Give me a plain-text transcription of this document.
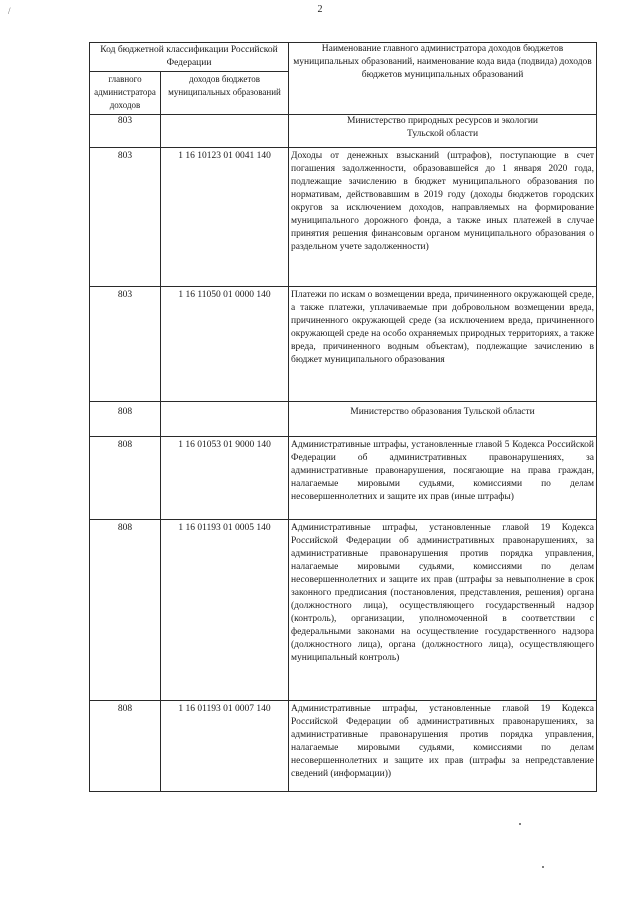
/	2
Код бюджетной классификации Российской Федерации		Наименование главного администратора доходов бюджетов муниципальных образований, наименование кода вида (подвида) доходов бюджетов муниципальных образований
главного администратора доходов	доходов бюджетов муниципальных образований	
803		Министерство природных ресурсов и экологии Тульской области
803	1 16 10123 01 0041 140	Доходы от денежных взысканий (штрафов), поступающие в счет погашения задолженности, образовавшейся до 1 января 2020 года, подлежащие зачислению в бюджет муниципального образования по нормативам, действовавшим в 2019 году (доходы бюджетов городских округов за исключением доходов, направляемых на формирование муниципального дорожного фонда, а также иных платежей в случае принятия решения финансовым органом муниципального образования о раздельном учете задолженности)
803	1 16 11050 01 0000 140	Платежи по искам о возмещении вреда, причиненного окружающей среде, а также платежи, уплачиваемые при добровольном возмещении вреда, причиненного окружающей среде (за исключением вреда, причиненного окружающей среде на особо охраняемых природных территориях, а также вреда, причиненного водным объектам), подлежащие зачислению в бюджет муниципального образования
808		Министерство образования Тульской области
808	1 16 01053 01 9000 140	Административные штрафы, установленные главой 5 Кодекса Российской Федерации об административных правонарушениях, за административные правонарушения, посягающие на права граждан, налагаемые мировыми судьями, комиссиями по делам несовершеннолетних и защите их прав (иные штрафы)
808	1 16 01193 01 0005 140	Административные штрафы, установленные главой 19 Кодекса Российской Федерации об административных правонарушениях, за административные правонарушения против порядка управления, налагаемые мировыми судьями, комиссиями по делам несовершеннолетних и защите их прав (штрафы за невыполнение в срок законного предписания (постановления, представления, решения) органа (должностного лица), осуществляющего государственный надзор (контроль), организации, уполномоченной в соответствии с федеральными законами на осуществление государственного надзора (должностного лица), органа (должностного лица), осуществляющего муниципальный контроль)
808	1 16 01193 01 0007 140	Административные штрафы, установленные главой 19 Кодекса Российской Федерации об административных правонарушениях, за административные правонарушения против порядка управления, налагаемые мировыми судьями, комиссиями по делам несовершеннолетних и защите их прав (штрафы за непредставление сведений (информации))
